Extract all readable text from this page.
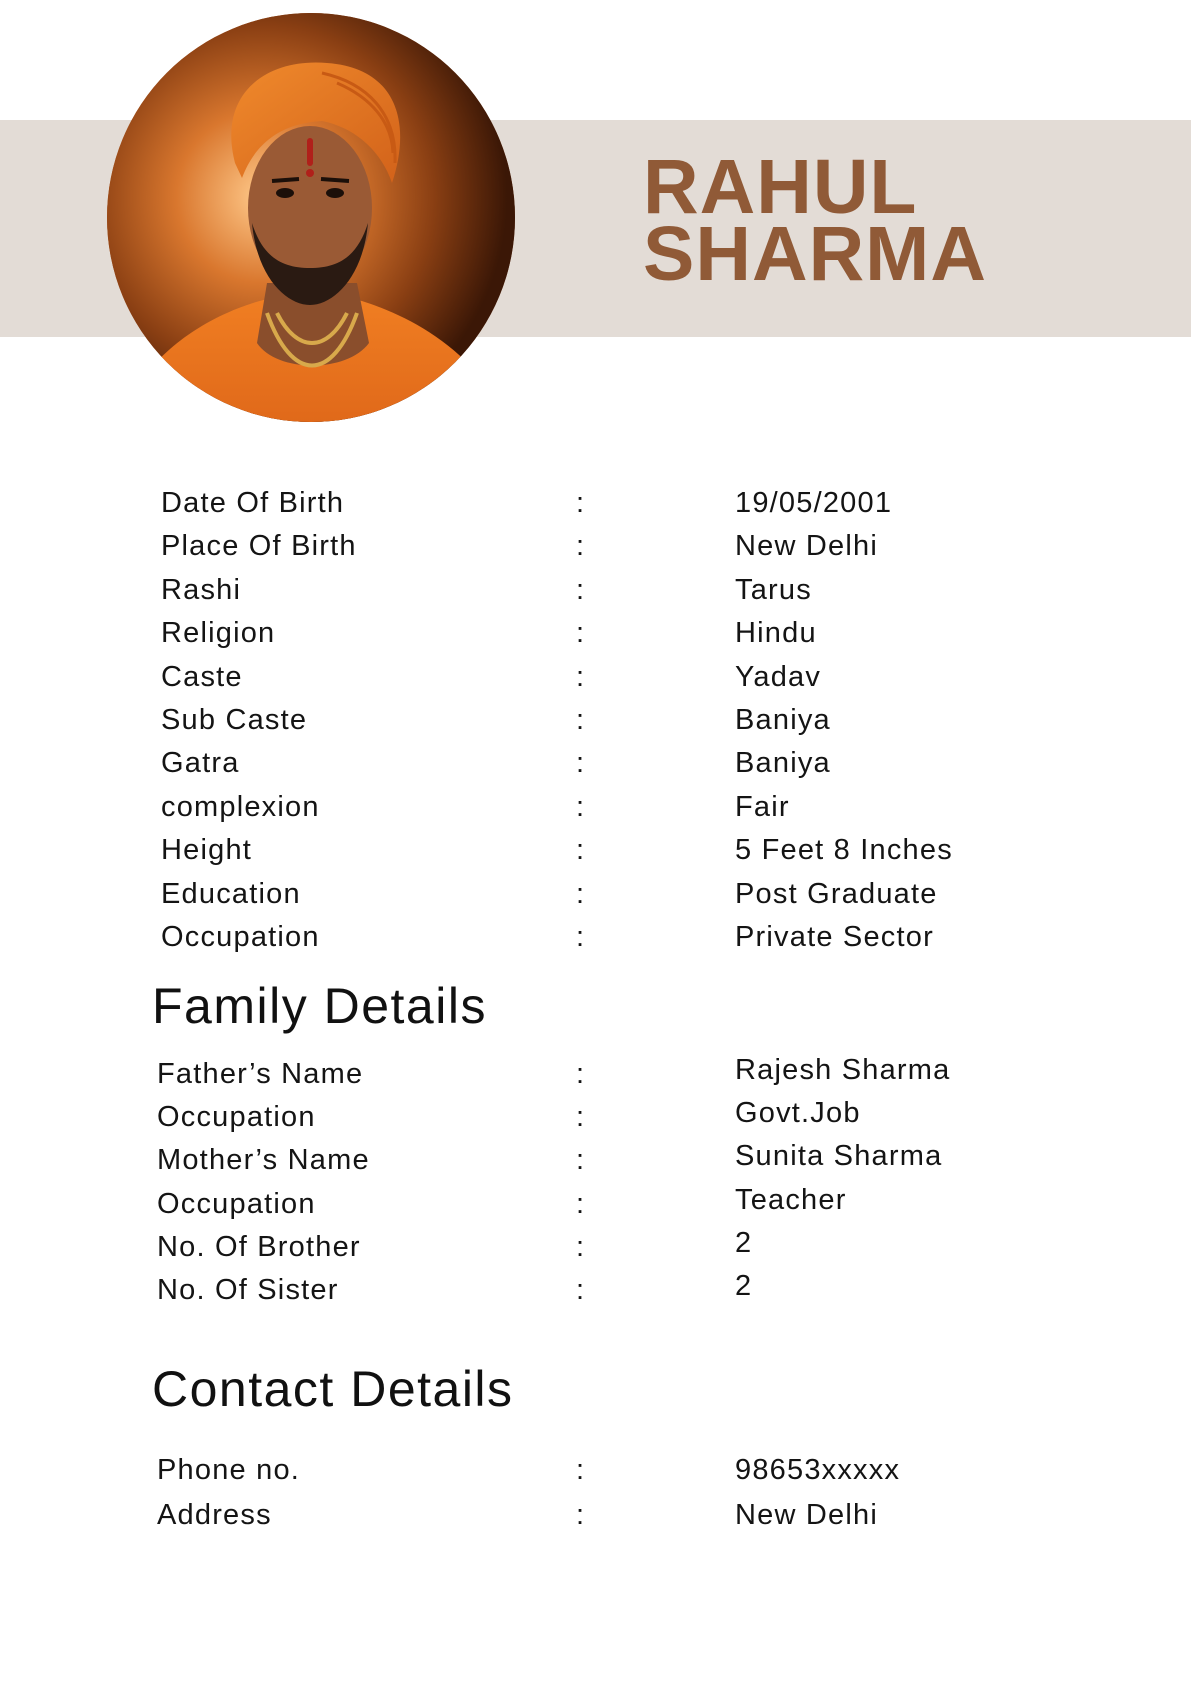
RAHUL
SHARMA
Date Of Birth	:	19/05/2001
Place Of Birth	:	New Delhi
Rashi	:	Tarus
Religion	:	Hindu
Caste	:	Yadav
Sub Caste	:	Baniya
Gatra	:	Baniya
complexion	:	Fair
Height	:	5 Feet 8 Inches
Education	:	Post Graduate
Occupation	:	Private Sector
Family Details
Father’s Name	:	Rajesh Sharma
Occupation	:	Govt.Job
Mother’s Name	:	Sunita Sharma
Occupation	:	Teacher
No. Of Brother	:	2
No. Of Sister	:	2
Contact Details
Phone no.	:	98653xxxxx
Address	:	New Delhi
